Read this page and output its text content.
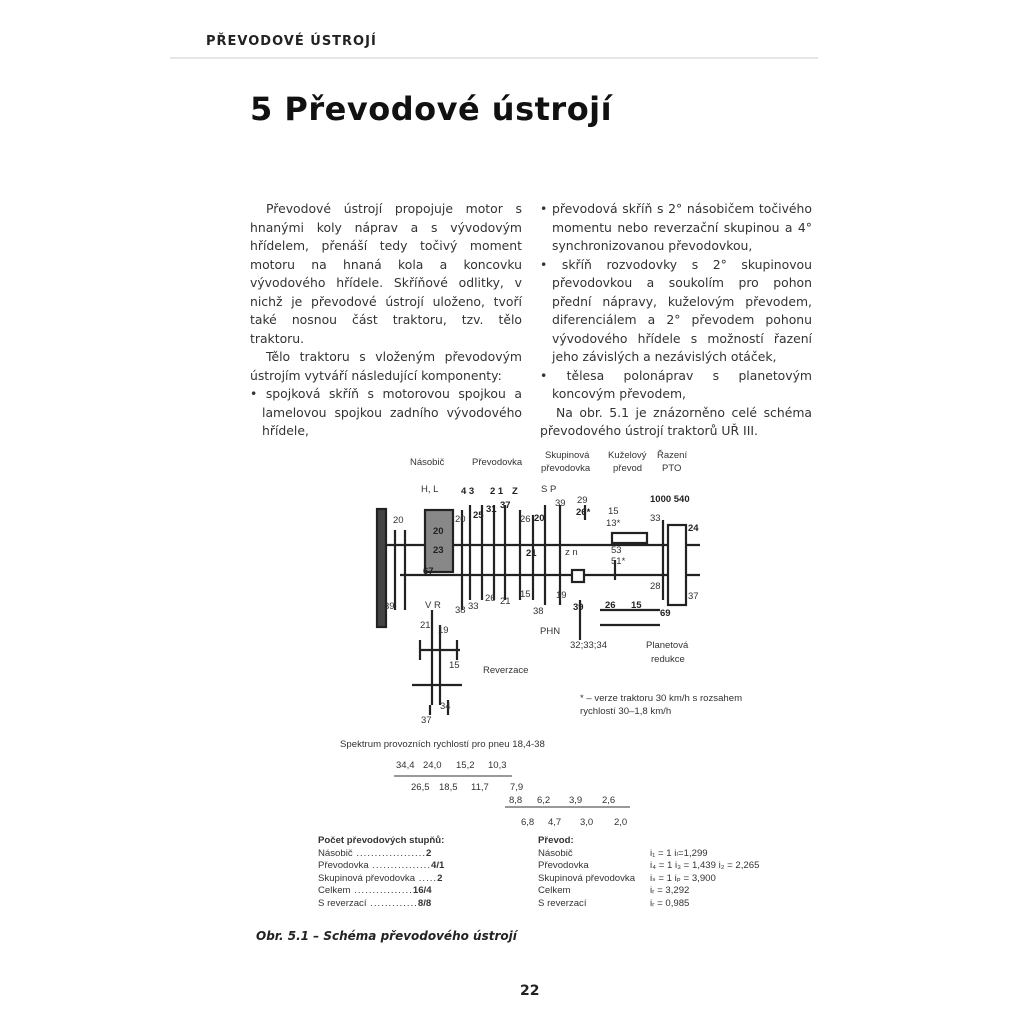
PŘEVODOVÉ ÚSTROJÍ
5 Převodové ústrojí

Převodové ústrojí propojuje motor s hnanými koly náprav a s vývodovým hřídelem, přenáší tedy točivý moment motoru na hnaná kola a koncovku vývodového hřídele. Skříňové odlitky, v nichž je převodové ústrojí uloženo, tvoří také nosnou část traktoru, tzv. tělo traktoru.

Tělo traktoru s vloženým převodovým ústrojím vytváří následující komponenty:

• spojková skříň s motorovou spojkou a lamelovou spojkou zadního vývodového hřídele,

• převodová skříň s 2° násobičem točivého momentu nebo reverzační skupinou a 4° synchronizovanou převodovkou,

• skříň rozvodovky s 2° skupinovou převodovkou a soukolím pro pohon přední nápravy, kuželovým převodem, diferenciálem a 2° převodem pohonu vývodového hřídele s možností řazení jeho závislých a nezávislých otáček,

• tělesa polonáprav s planetovým koncovým převodem,

Na obr. 5.1 je znázorněno celé schéma převodového ústrojí traktorů UŘ III.

Násobič	Převodovka
Skupinová
převodovka
Kuželový
převod
Řazení
PTO
H, L 4 3 2 1 Z S P
1000 540
z n
V R
PHN
32;33;34	Planetová
redukce
Reverzace
20	20 25
31 37
26 20
39 29
26* 15
13*	33
24
20
23
67
21	53
51*
28
37
39	38 33
26 21
15
38
19
39 26 15
69
21 19
15
37
34
* – verze traktoru 30 km/h s rozsahem
rychlostí 30–1,8 km/h
Spektrum provozních rychlostí pro pneu 18,4-38
34,4 24,0 15,2 10,3
26,5 18,5 11,7 7,9
8,8 6,2 3,9 2,6
6,8 4,7 3,0 2,0
Počet převodových stupňů:
Násobič ...................2
Převodovka ................4/1
Skupinová převodovka .....2
Celkem ................16/4
S reverzací .............8/8
Převod:
Násobič	i₁ = 1 iₗ=1,299
Převodovka	i₄ = 1 i₃ = 1,439 i₂ = 2,265
Skupinová převodovka iₛ = 1 iₚ = 3,900
Celkem	iᵣ = 3,292
S reverzací	iᵣ = 0,985
Obr. 5.1 – Schéma převodového ústrojí
22
